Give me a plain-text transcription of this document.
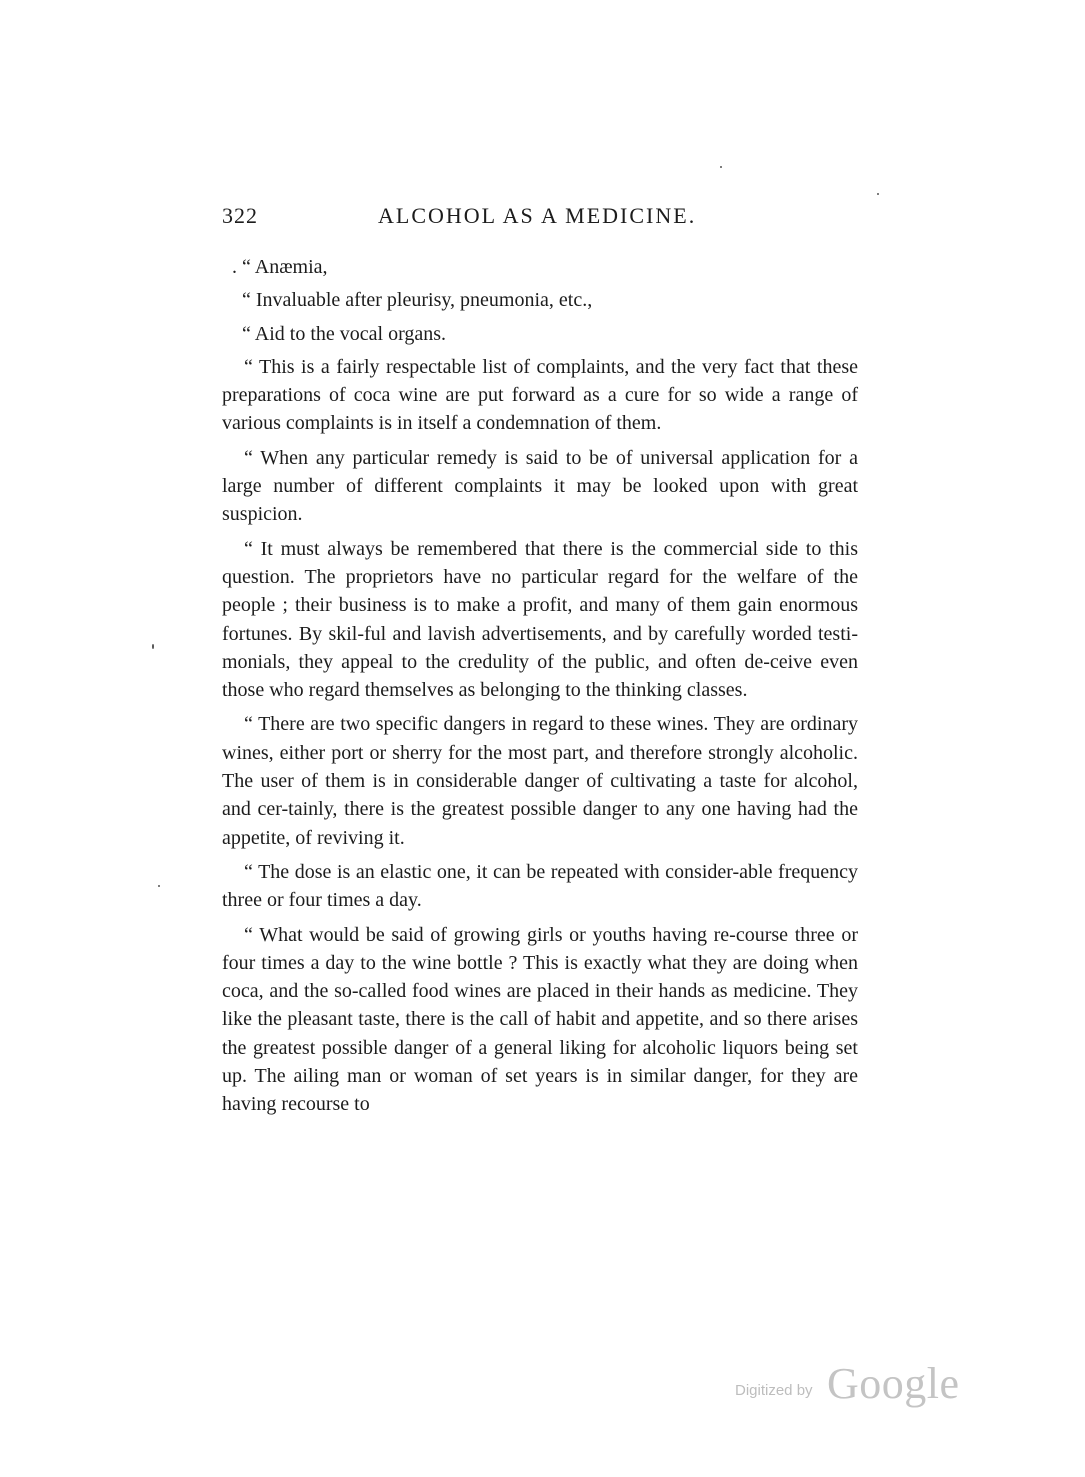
322	ALCOHOL AS A MEDICINE.

. “ Anæmia,

“ Invaluable after pleurisy, pneumonia, etc.,

“ Aid to the vocal organs.

“ This is a fairly respectable list of complaints, and the very fact that these preparations of coca wine are put forward as a cure for so wide a range of various complaints is in itself a condemnation of them.

“ When any particular remedy is said to be of universal application for a large number of different complaints it may be looked upon with great suspicion.

“ It must always be remembered that there is the commercial side to this question. The proprietors have no particular regard for the welfare of the people ; their business is to make a profit, and many of them gain enormous fortunes. By skil-ful and lavish advertisements, and by carefully worded testi-monials, they appeal to the credulity of the public, and often de-ceive even those who regard themselves as belonging to the thinking classes.

“ There are two specific dangers in regard to these wines. They are ordinary wines, either port or sherry for the most part, and therefore strongly alcoholic. The user of them is in considerable danger of cultivating a taste for alcohol, and cer-tainly, there is the greatest possible danger to any one having had the appetite, of reviving it.

“ The dose is an elastic one, it can be repeated with consider-able frequency three or four times a day.

“ What would be said of growing girls or youths having re-course three or four times a day to the wine bottle ? This is exactly what they are doing when coca, and the so-called food wines are placed in their hands as medicine. They like the pleasant taste, there is the call of habit and appetite, and so there arises the greatest possible danger of a general liking for alcoholic liquors being set up. The ailing man or woman of set years is in similar danger, for they are having recourse to

Digitized by Google
